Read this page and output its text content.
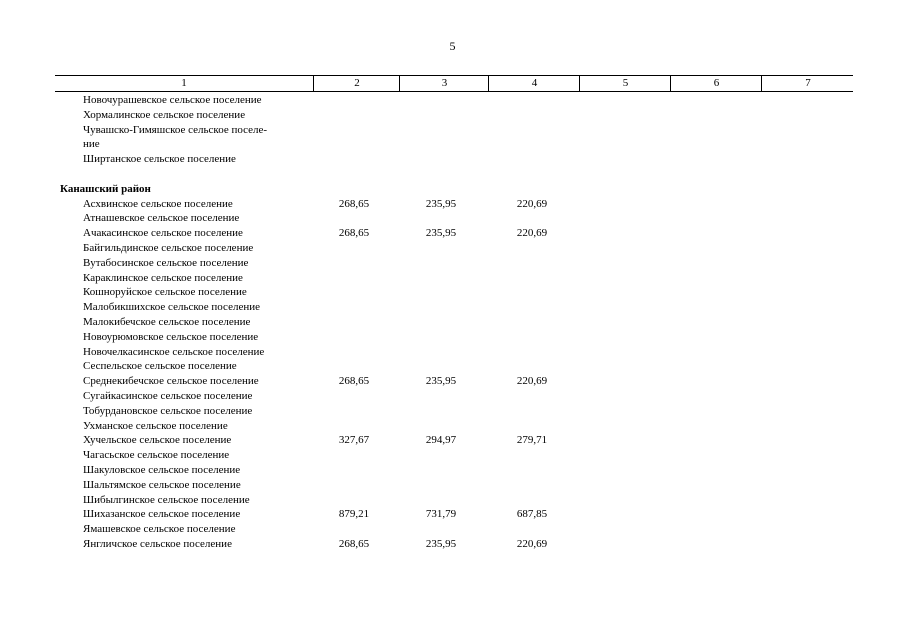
5
1	2	3	4	5	6	7
Новочурашевское сельское поселение
Хормалинское сельское поселение
Чувашско-Гимяшское сельское поселе-
ние
Ширтанское сельское поселение
Канашский район
Асхвинское сельское поселение	268,65	235,95	220,69
Атнашевское сельское поселение
Ачакасинское сельское поселение	268,65	235,95	220,69
Байгильдинское сельское поселение
Вутабосинское сельское поселение
Караклинское сельское поселение
Кошноруйское сельское поселение
Малобикшихское сельское поселение
Малокибечское сельское поселение
Новоурюмовское сельское поселение
Новочелкасинское сельское поселение
Сеспельское сельское поселение
Среднекибечское сельское поселение	268,65	235,95	220,69
Сугайкасинское сельское поселение
Тобурдановское сельское поселение
Ухманское сельское поселение
Хучельское сельское поселение	327,67	294,97	279,71
Чагасьское сельское поселение
Шакуловское сельское поселение
Шальтямское сельское поселение
Шибылгинское сельское поселение
Шихазанское сельское поселение	879,21	731,79	687,85
Ямашевское сельское поселение
Янгличское сельское поселение	268,65	235,95	220,69
